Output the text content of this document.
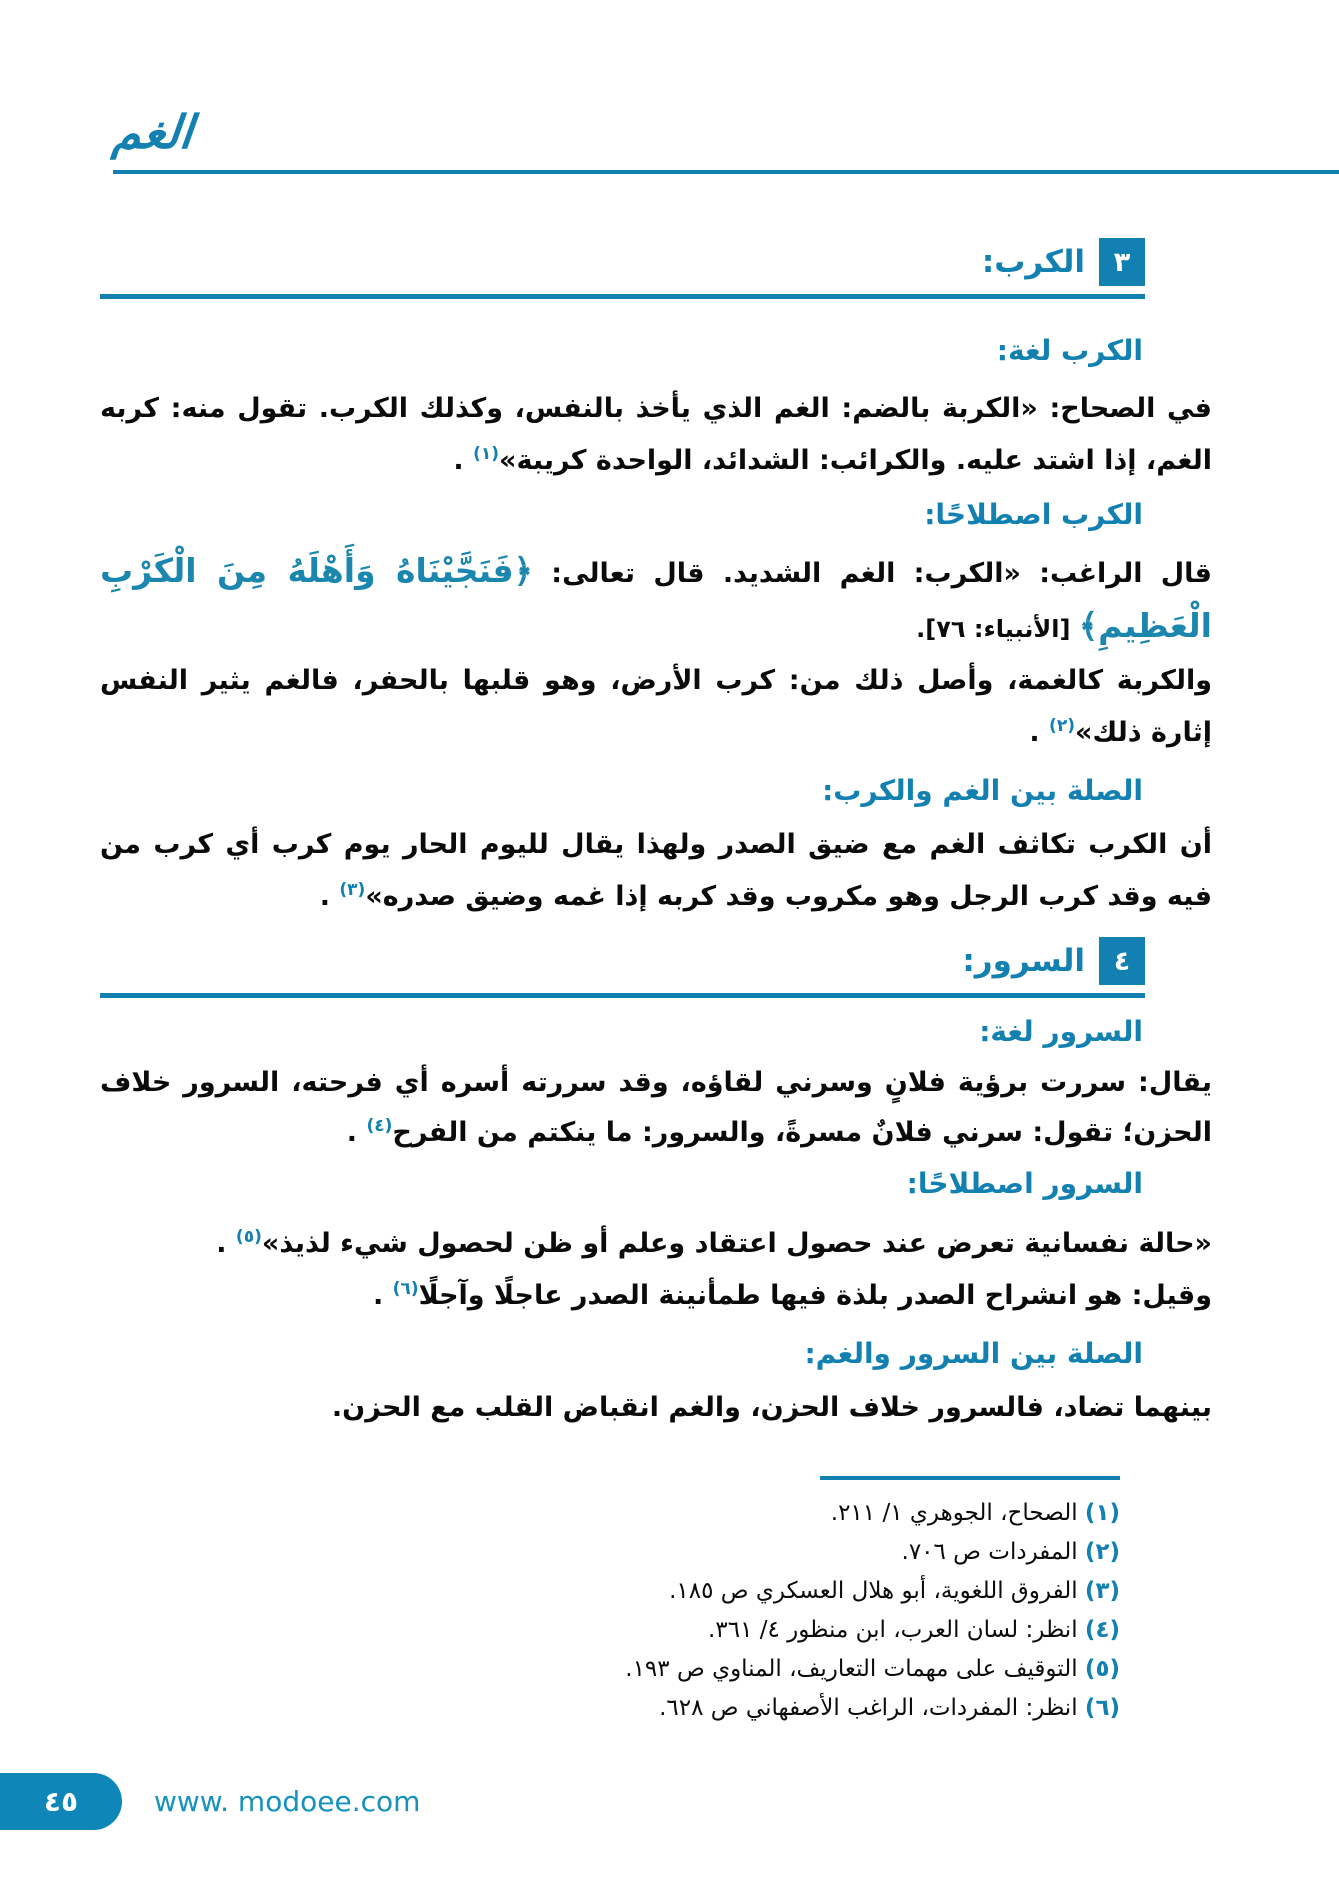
الغم
٣
الكرب:
الكرب لغة:

في الصحاح: «الكربة بالضم: الغم الذي يأخذ بالنفس، وكذلك الكرب. تقول منه: كربه الغم، إذا اشتد عليه. والكرائب: الشدائد، الواحدة كريبة»$^{(١)}$ .

الكرب اصطلاحًا:

قال الراغب: «الكرب: الغم الشديد. قال تعالى: ﴿فَنَجَّيْنَاهُ وَأَهْلَهُ مِنَ الْكَرْبِ الْعَظِيمِ﴾ [الأنبياء: ٧٦].

والكربة كالغمة، وأصل ذلك من: كرب الأرض، وهو قلبها بالحفر، فالغم يثير النفس إثارة ذلك»$^{(٢)}$ .

الصلة بين الغم والكرب:

أن الكرب تكاثف الغم مع ضيق الصدر ولهذا يقال لليوم الحار يوم كرب أي كرب من فيه وقد كرب الرجل وهو مكروب وقد كربه إذا غمه وضيق صدره»$^{(٣)}$ .

٤
السرور:
السرور لغة:

يقال: سررت برؤية فلانٍ وسرني لقاؤه، وقد سررته أسره أي فرحته، السرور خلاف الحزن؛ تقول: سرني فلانٌ مسرةً، والسرور: ما ينكتم من الفرح$^{(٤)}$ .

السرور اصطلاحًا:

«حالة نفسانية تعرض عند حصول اعتقاد وعلم أو ظن لحصول شيء لذيذ»$^{(٥)}$ .

وقيل: هو انشراح الصدر بلذة فيها طمأنينة الصدر عاجلًا وآجلًا$^{(٦)}$ .

الصلة بين السرور والغم:

بينهما تضاد، فالسرور خلاف الحزن، والغم انقباض القلب مع الحزن.

(١) الصحاح، الجوهري ١/ ٢١١.
(٢) المفردات ص ٧٠٦.
(٣) الفروق اللغوية، أبو هلال العسكري ص ١٨٥.
(٤) انظر: لسان العرب، ابن منظور ٤/ ٣٦١.
(٥) التوقيف على مهمات التعاريف، المناوي ص ١٩٣.
(٦) انظر: المفردات، الراغب الأصفهاني ص ٦٢٨.
٤٥	www. modoee.com
